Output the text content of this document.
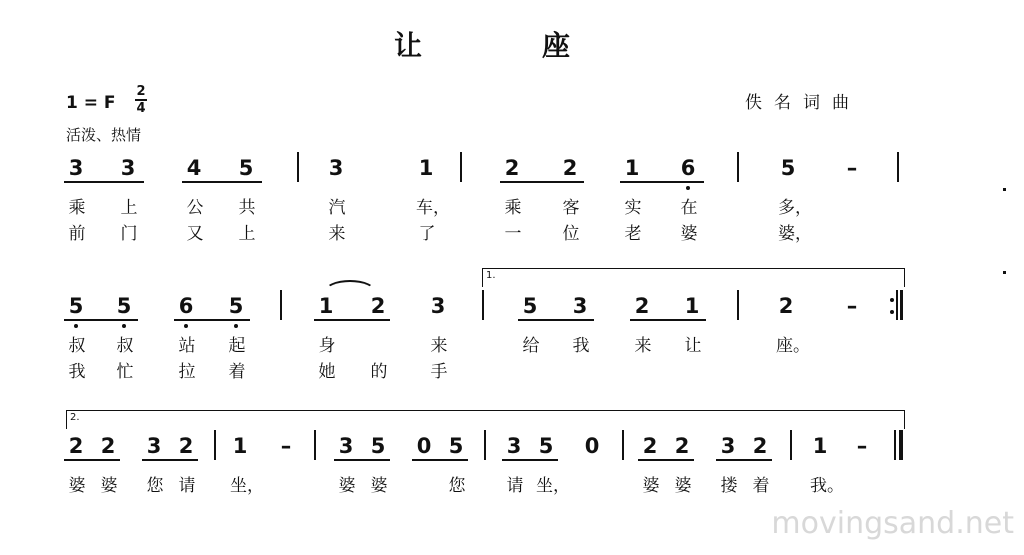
让	座
1 = F
2
4
活泼、热情
佚名词曲
3 3 4 5	3	1	2 2 1 6	5 –
乘 上	公 共	汽	车，	乘 客	实 在	多，
前 门	又 上	来	了	一 位	老 婆	婆，
1.
5 5 6 5	1 2 3	5 3 2 1	2	–
叔 叔	站 起	身	来	给 我	来 让	座。
我 忙	拉 着	她 的	手
2.
2 2 3 2 1 – 3 5 0 5 3 5 0 2 2 3 2 1 –
婆 婆 您 请 坐，	婆 婆	您 请 坐，	婆 婆 搂 着 我。
movingsand.net
